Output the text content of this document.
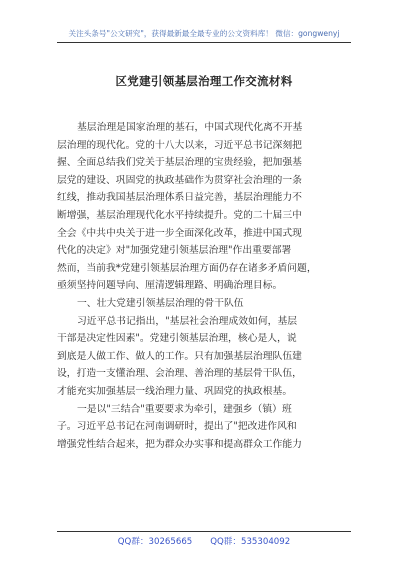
关注头条号"公文研究"，获得最新最全最专业的公文资料库！ 微信：gongwenyj
区党建引领基层治理工作交流材料
基层治理是国家治理的基石，中国式现代化离不开基
层治理的现代化。党的十八大以来，习近平总书记深刻把
握、全面总结我们党关于基层治理的宝贵经验，把加强基
层党的建设、巩固党的执政基础作为贯穿社会治理的一条
红线，推动我国基层治理体系日益完善，基层治理能力不
断增强，基层治理现代化水平持续提升。党的二十届三中
全会《中共中央关于进一步全面深化改革，推进中国式现
代化的决定》对"加强党建引领基层治理"作出重要部署
然而，当前我*党建引领基层治理方面仍存在诸多矛盾问题，
亟须坚持问题导向、厘清逻辑理路、明确治理目标。
一、壮大党建引领基层治理的骨干队伍
习近平总书记指出，"基层社会治理成效如何，基层
干部是决定性因素"。党建引领基层治理，核心是人，说
到底是人做工作、做人的工作。只有加强基层治理队伍建
设，打造一支懂治理、会治理、善治理的基层骨干队伍，
才能充实加强基层一线治理力量、巩固党的执政根基。
一是以"三结合"重要要求为牵引，建强乡（镇）班
子。习近平总书记在河南调研时，提出了"把改进作风和
增强党性结合起来，把为群众办实事和提高群众工作能力
QQ群：30265665 QQ群：535304092
